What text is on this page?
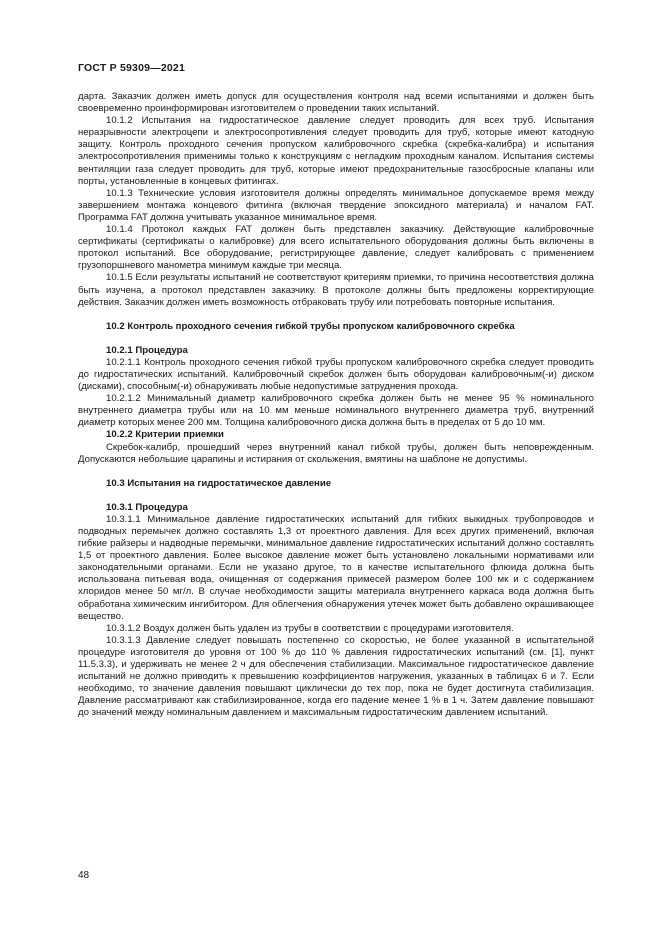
ГОСТ Р 59309—2021

дарта. Заказчик должен иметь допуск для осуществления контроля над всеми испытаниями и должен быть своевременно проинформирован изготовителем о проведении таких испытаний.

10.1.2 Испытания на гидростатическое давление следует проводить для всех труб. Испытания неразрывности электроцепи и электросопротивления следует проводить для труб, которые имеют катодную защиту. Контроль проходного сечения пропуском калибровочного скребка (скребка-калибра) и испытания электросопротивления применимы только к конструкциям с негладким проходным каналом. Испытания системы вентиляции газа следует проводить для труб, которые имеют предохранительные газосбросные клапаны или порты, установленные в концевых фитингах.

10.1.3 Технические условия изготовителя должны определять минимальное допускаемое время между завершением монтажа концевого фитинга (включая твердение эпоксидного материала) и началом FAT. Программа FAT должна учитывать указанное минимальное время.

10.1.4 Протокол каждых FAT должен быть представлен заказчику. Действующие калибровочные сертификаты (сертификаты о калибровке) для всего испытательного оборудования должны быть включены в протокол испытаний. Все оборудование, регистрирующее давление, следует калибровать с применением грузопоршневого манометра минимум каждые три месяца.

10.1.5 Если результаты испытаний не соответствуют критериям приемки, то причина несоответствия должна быть изучена, а протокол представлен заказчику. В протоколе должны быть предложены корректирующие действия. Заказчик должен иметь возможность отбраковать трубу или потребовать повторные испытания.

10.2 Контроль проходного сечения гибкой трубы пропуском калибровочного скребка

10.2.1 Процедура

10.2.1.1 Контроль проходного сечения гибкой трубы пропуском калибровочного скребка следует проводить до гидростатических испытаний. Калибровочный скребок должен быть оборудован калибровочным(-и) диском (дисками), способным(-и) обнаруживать любые недопустимые затруднения прохода.

10.2.1.2 Минимальный диаметр калибровочного скребка должен быть не менее 95 % номинального внутреннего диаметра трубы или на 10 мм меньше номинального внутреннего диаметра труб, внутренний диаметр которых менее 200 мм. Толщина калибровочного диска должна быть в пределах от 5 до 10 мм.

10.2.2 Критерии приемки

Скребок-калибр, прошедший через внутренний канал гибкой трубы, должен быть неповрежденным. Допускаются небольшие царапины и истирания от скольжения, вмятины на шаблоне не допустимы.

10.3 Испытания на гидростатическое давление

10.3.1 Процедура

10.3.1.1 Минимальное давление гидростатических испытаний для гибких выкидных трубопроводов и подводных перемычек должно составлять 1,3 от проектного давления. Для всех других применений, включая гибкие райзеры и надводные перемычки, минимальное давление гидростатических испытаний должно составлять 1,5 от проектного давления. Более высокое давление может быть установлено локальными нормативами или законодательными органами. Если не указано другое, то в качестве испытательного флюида должна быть использована питьевая вода, очищенная от содержания примесей размером более 100 мк и с содержанием хлоридов менее 50 мг/л. В случае необходимости защиты материала внутреннего каркаса вода должна быть обработана химическим ингибитором. Для облегчения обнаружения утечек может быть добавлено окрашивающее вещество.

10.3.1.2 Воздух должен быть удален из трубы в соответствии с процедурами изготовителя.

10.3.1.3 Давление следует повышать постепенно со скоростью, не более указанной в испытательной процедуре изготовителя до уровня от 100 % до 110 % давления гидростатических испытаний (см. [1], пункт 11.5.3.3), и удерживать не менее 2 ч для обеспечения стабилизации. Максимальное гидростатическое давление испытаний не должно приводить к превышению коэффициентов нагружения, указанных в таблицах 6 и 7. Если необходимо, то значение давления повышают циклически до тех пор, пока не будет достигнута стабилизация. Давление рассматривают как стабилизированное, когда его падение менее 1 % в 1 ч. Затем давление повышают до значений между номинальным давлением и максимальным гидростатическим давлением испытаний.

48
